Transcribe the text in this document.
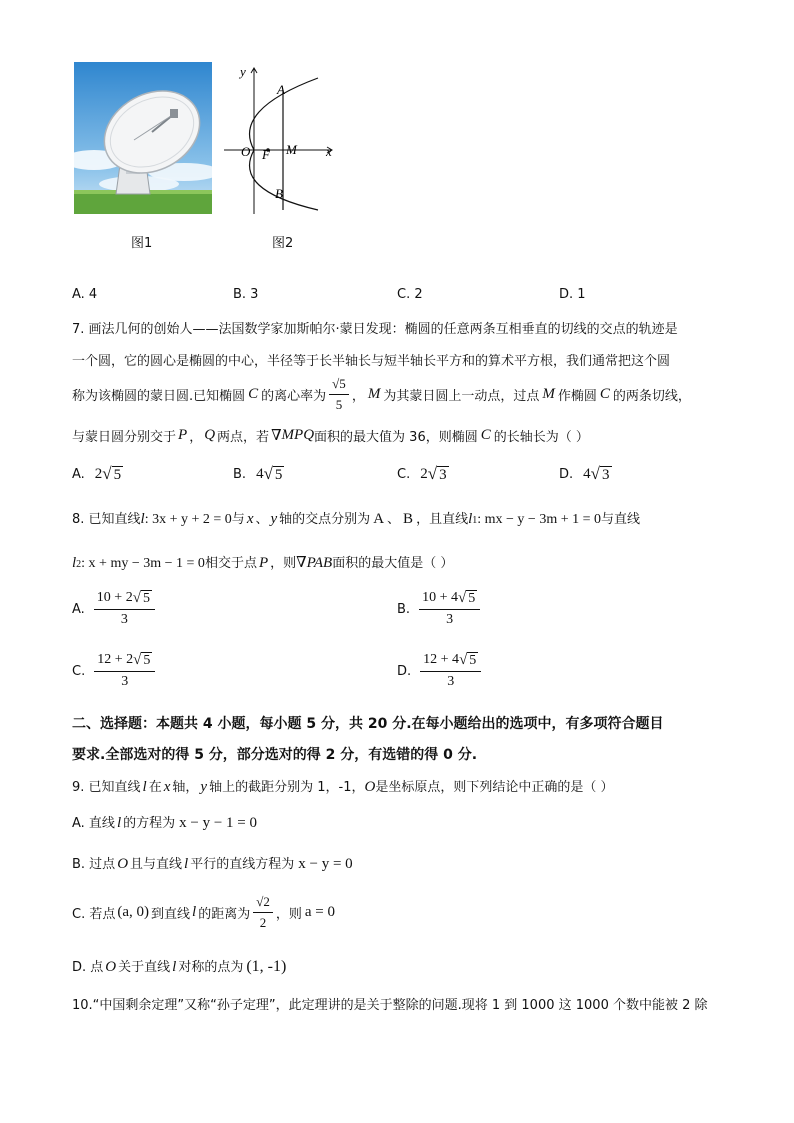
图1
y
x
O F M
A
B
图2
A. 4	B. 3	C. 2	D. 1
7. 画法几何的创始人——法国数学家加斯帕尔·蒙日发现：椭圆的任意两条互相垂直的切线的交点的轨迹是
一个圆，它的圆心是椭圆的中心，半径等于长半轴长与短半轴长平方和的算术平方根，我们通常把这个圆
称为该椭圆的蒙日圆.已知椭圆 C 的离心率为 $\frac{√5}{5}$ ， M 为其蒙日圆上一动点，过点 M 作椭圆 C 的两条切线，
与蒙日圆分别交于 P ， Q 两点，若 ∇ MPQ 面积的最大值为 36，则椭圆 C 的长轴长为（ ）
A. 2 √ 5	B. 4 √ 5	C. 2 √ 3	D. 4 √ 3
8. 已知直线 l : 3x + y + 2 = 0 与 x 、 y 轴的交点分别为 A 、 B ，且直线 l 1 : mx − y − 3m + 1 = 0 与直线
l 2 : x + my − 3m − 1 = 0 相交于点 P ，则 ∇ PAB 面积的最大值是（ ）
A. $\frac{10 + 2 √ 5}{3}$	B. $\frac{10 + 4 √ 5}{3}$
C. $\frac{12 + 2 √ 5}{3}$	D. $\frac{12 + 4 √ 5}{3}$
二、选择题：本题共 4 小题，每小题 5 分，共 20 分.在每小题给出的选项中，有多项符合题目
要求.全部选对的得 5 分，部分选对的得 2 分，有选错的得 0 分.
9. 已知直线 l 在 x 轴， y 轴上的截距分别为 1，-1， O 是坐标原点，则下列结论中正确的是（ ）
A. 直线 l 的方程为 x − y − 1 = 0
B. 过点 O 且与直线 l 平行的直线方程为 x − y = 0
C. 若点 (a, 0) 到直线 l 的距离为 $\frac{√2}{2}$ ，则 a = 0
D. 点 O 关于直线 l 对称的点为 (1, -1)
10.“中国剩余定理”又称“孙子定理”，此定理讲的是关于整除的问题.现将 1 到 1000 这 1000 个数中能被 2 除
